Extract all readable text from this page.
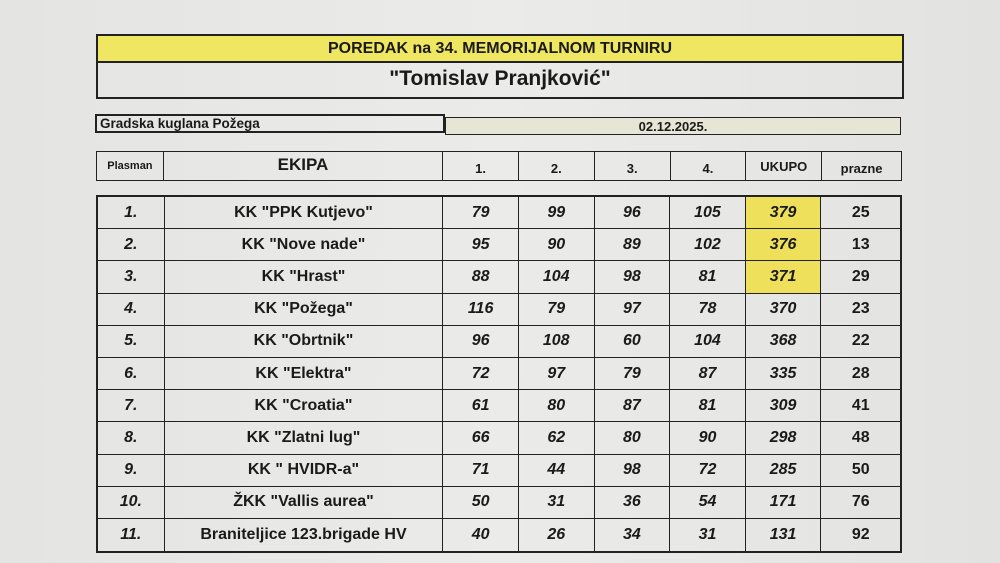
POREDAK na 34. MEMORIJALNOM TURNIRU
"Tomislav Pranjković"
Gradska kuglana Požega	02.12.2025.
Plasman	EKIPA	1.	2.	3.	4.	UKUPO	prazne
1.	KK "PPK Kutjevo"	79	99	96	105	379	25
2.	KK "Nove nade"	95	90	89	102	376	13
3.	KK "Hrast"	88	104	98	81	371	29
4.	KK "Požega"	116	79	97	78	370	23
5.	KK "Obrtnik"	96	108	60	104	368	22
6.	KK "Elektra"	72	97	79	87	335	28
7.	KK "Croatia"	61	80	87	81	309	41
8.	KK "Zlatni lug"	66	62	80	90	298	48
9.	KK " HVIDR-a"	71	44	98	72	285	50
10.	ŽKK "Vallis aurea"	50	31	36	54	171	76
11.	Braniteljice 123.brigade HV	40	26	34	31	131	92
